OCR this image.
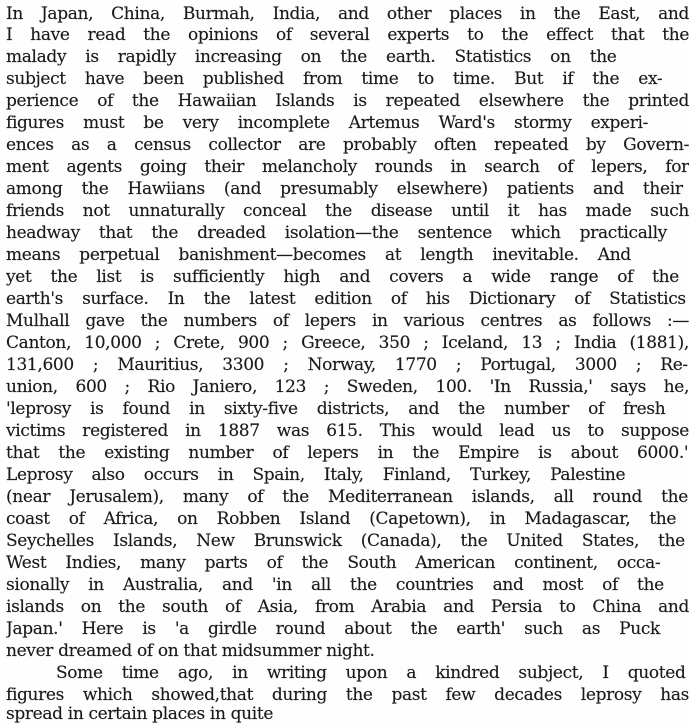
In Japan, China, Burmah, India, and other places in the East, and
I have read the opinions of several experts to the effect that the
malady is rapidly increasing on the earth. Statistics on the
subject have been published from time to time. But if the ex-
perience of the Hawaiian Islands is repeated elsewhere the printed
figures must be very incomplete Artemus Ward's stormy experi-
ences as a census collector are probably often repeated by Govern-
ment agents going their melancholy rounds in search of lepers, for
among the Hawiians (and presumably elsewhere) patients and their
friends not unnaturally conceal the disease until it has made such
headway that the dreaded isolation—the sentence which practically
means perpetual banishment—becomes at length inevitable. And
yet the list is sufficiently high and covers a wide range of the
earth's surface. In the latest edition of his Dictionary of Statistics
Mulhall gave the numbers of lepers in various centres as follows :—
Canton, 10,000 ; Crete, 900 ; Greece, 350 ; Iceland, 13 ; India (1881),
131,600 ; Mauritius, 3300 ; Norway, 1770 ; Portugal, 3000 ; Re-
union, 600 ; Rio Janiero, 123 ; Sweden, 100. 'In Russia,' says he,
'leprosy is found in sixty-five districts, and the number of fresh
victims registered in 1887 was 615. This would lead us to suppose
that the existing number of lepers in the Empire is about 6000.'
Leprosy also occurs in Spain, Italy, Finland, Turkey, Palestine
(near Jerusalem), many of the Mediterranean islands, all round the
coast of Africa, on Robben Island (Capetown), in Madagascar, the
Seychelles Islands, New Brunswick (Canada), the United States, the
West Indies, many parts of the South American continent, occa-
sionally in Australia, and 'in all the countries and most of the
islands on the south of Asia, from Arabia and Persia to China and
Japan.' Here is 'a girdle round about the earth' such as Puck
never dreamed of on that midsummer night.
Some time ago, in writing upon a kindred subject, I quoted
figures which showed,that during the past few decades leprosy has
spread in certain places in quite
